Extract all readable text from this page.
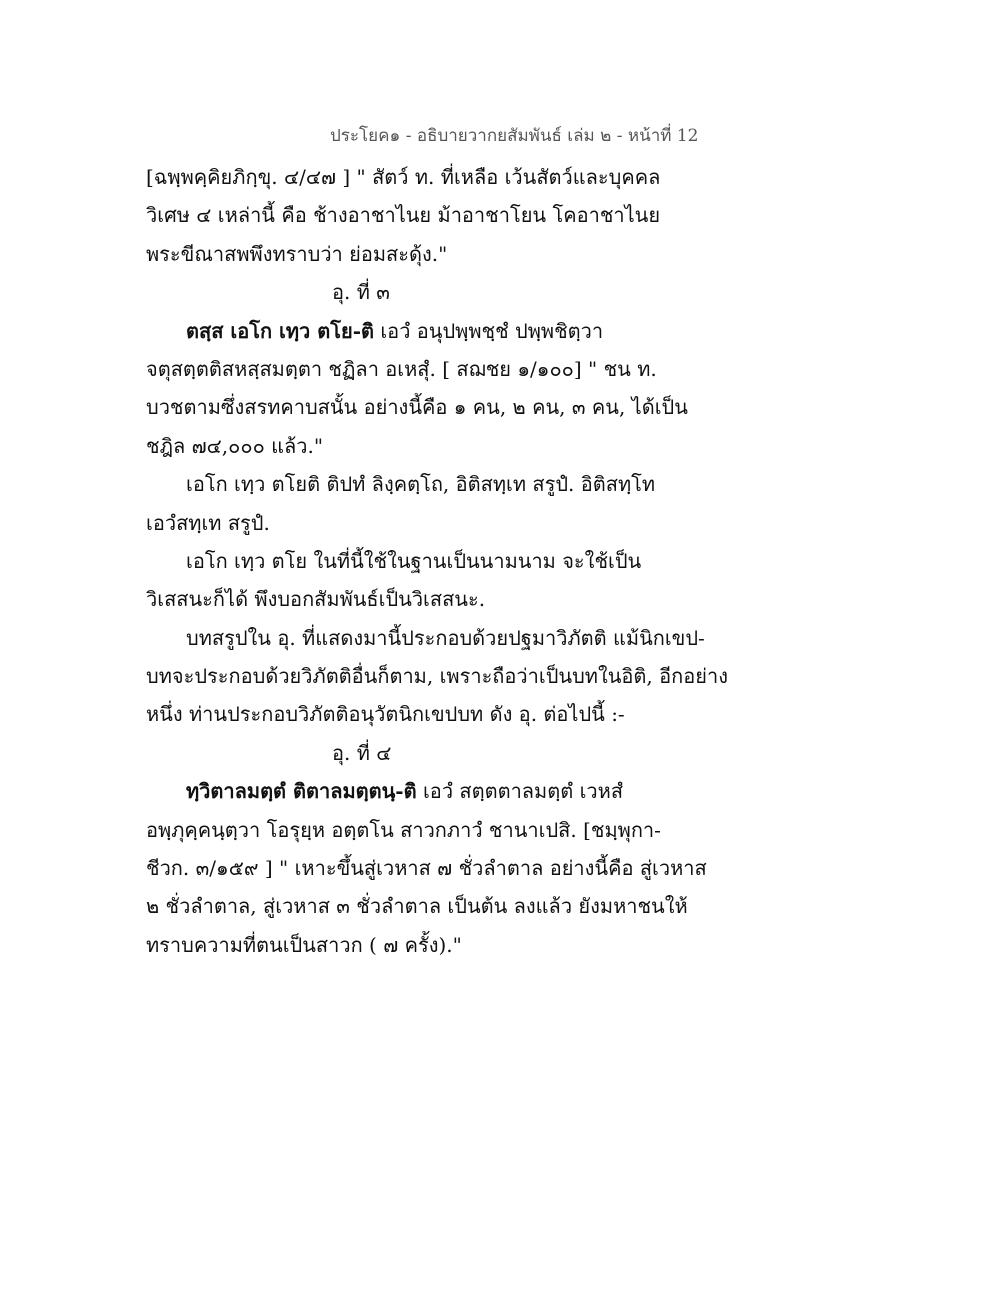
ประโยค๑ - อธิบายวากยสัมพันธ์ เล่ม ๒ - หน้าที่ 12
[ฉพฺพคฺคิยภิกฺขุ. ๔/๔๗ ] " สัตว์ ท. ที่เหลือ เว้นสัตว์และบุคคล
วิเศษ ๔ เหล่านี้ คือ ช้างอาชาไนย ม้าอาชาโยน โคอาชาไนย
พระขีณาสพพึงทราบว่า ย่อมสะดุ้ง."
อุ. ที่ ๓
ตสฺส เอโก เทฺว ตโย-ติ เอวํ อนุปพฺพชฺชํ ปพฺพชิตฺวา
จตุสตฺตติสหสฺสมตฺตา ชฏิลา อเหสุํ. [ สฌชย ๑/๑๐๐] " ชน ท.
บวชตามซึ่งสรทคาบสนั้น อย่างนี้คือ ๑ คน, ๒ คน, ๓ คน, ได้เป็น
ชฎิล ๗๔,๐๐๐ แล้ว."
เอโก เทฺว ตโยติ ติปทํ ลิงฺคตฺโถ, อิติสทฺเท สรูปํ. อิติสทฺโท
เอวํสทฺเท สรูปํ.
เอโก เทฺว ตโย ในที่นี้ใช้ในฐานเป็นนามนาม จะใช้เป็น
วิเสสนะก็ได้ พึงบอกสัมพันธ์เป็นวิเสสนะ.
บทสรูปใน อุ. ที่แสดงมานี้ประกอบด้วยปฐมาวิภัตติ แม้นิกเขป-
บทจะประกอบด้วยวิภัตติอื่นก็ตาม, เพราะถือว่าเป็นบทในอิติ, อีกอย่าง
หนึ่ง ท่านประกอบวิภัตติอนุวัตนิกเขปบท ดัง อุ. ต่อไปนี้ :-
อุ. ที่ ๔
ทฺวิตาลมตฺตํ ติตาลมตฺตนฺ-ติ เอวํ สตฺตตาลมตฺตํ เวหสํ
อพฺภุคฺคนฺตฺวา โอรุยฺห อตฺตโน สาวกภาวํ ชานาเปสิ. [ชมฺพุกา-
ชีวก. ๓/๑๕๙ ] " เหาะขึ้นสู่เวหาส ๗ ชั่วลำตาล อย่างนี้คือ สู่เวหาส
๒ ชั่วลำตาล, สู่เวหาส ๓ ชั่วลำตาล เป็นต้น ลงแล้ว ยังมหาชนให้
ทราบความที่ตนเป็นสาวก ( ๗ ครั้ง)."
